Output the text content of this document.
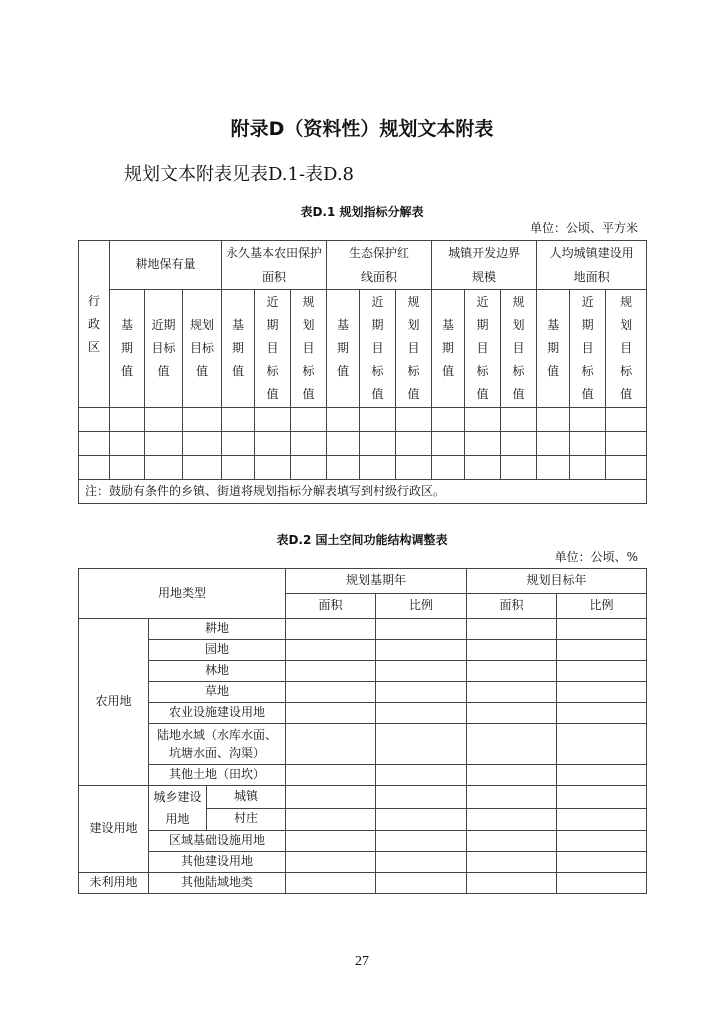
附录D（资料性）规划文本附表
规划文本附表见表D.1-表D.8
表D.1 规划指标分解表
单位：公顷、平方米
行政区	耕地保有量			永久基本农田保护面积			生态保护红线面积			城镇开发边界规模			人均城镇建设用地面积		

	基期值	近期目标值	规划目标值	基期值	近期目标值	规划目标值	基期值	近期目标值	规划目标值	基期值	近期目标值	规划目标值	基期值	近期目标值	规划目标值

注：鼓励有条件的乡镇、街道将规划指标分解表填写到村级行政区。															
表D.2 国土空间功能结构调整表
单位：公顷、%
用地类型			规划基期年		规划目标年	
			面积	比例	面积	比例
农用地	耕地					
	园地					
	林地					
	草地					
	农业设施建设用地					

	陆地水域（水库水面、坑塘水面、沟渠）					

	其他土地（田坎）					
建设用地	城乡建设用地	城镇				
		村庄				
	区域基础设施用地					
	其他建设用地					
未利用地	其他陆域地类					
27
